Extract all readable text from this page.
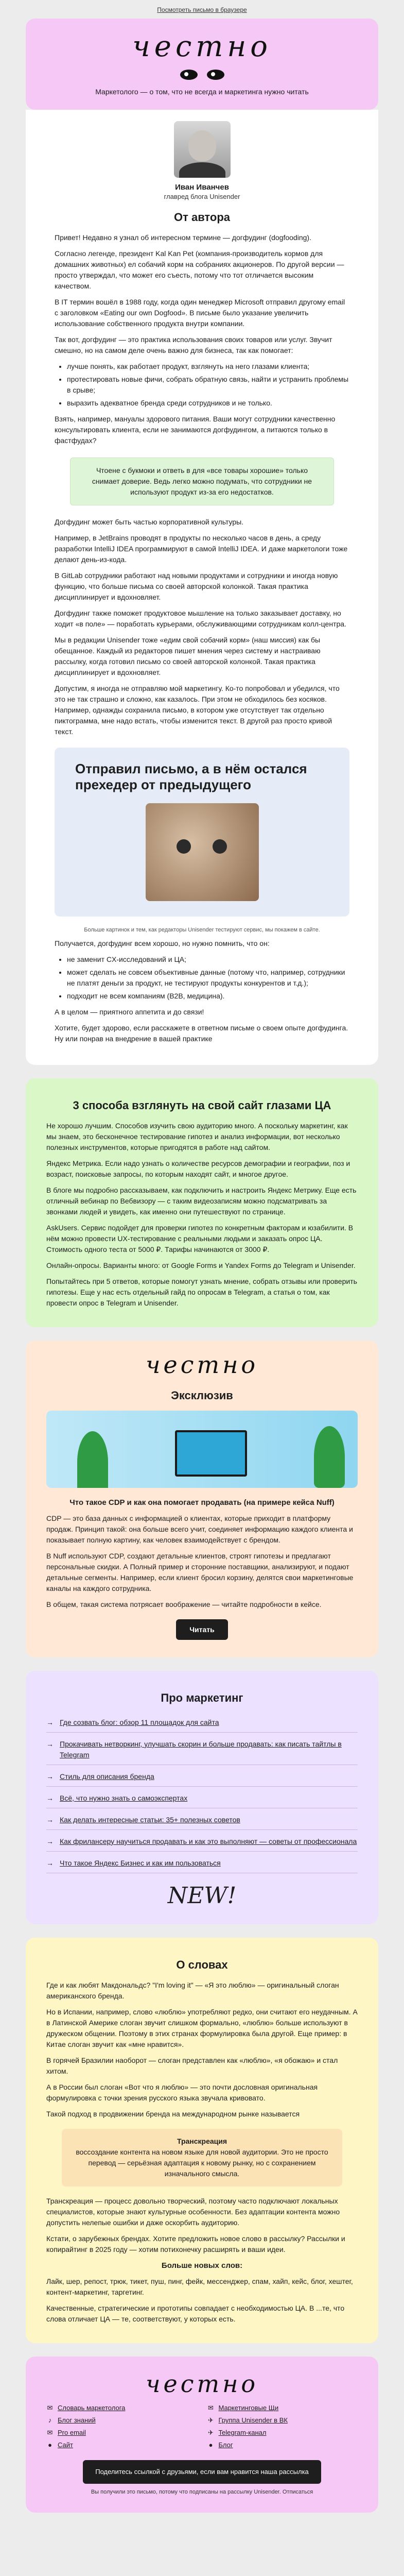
Посмотреть письмо в браузере
честно
Маркетолого — о том, что не всегда и маркетинга нужно читать
Иван Иванчев
главред блога Unisender
От автора

Привет! Недавно я узнал об интересном термине — догфудинг (dogfooding).

Согласно легенде, президент Kal Kan Pet (компания-производитель кормов для домашних животных) ел собачий корм на собраниях акционеров. По другой версии — просто утверждал, что может его съесть, потому что тот отличается высоким качеством.

В IT термин вошёл в 1988 году, когда один менеджер Microsoft отправил другому email с заголовком «Eating our own Dogfood». В письме было указание увеличить использование собственного продукта внутри компании.

Так вот, догфудинг — это практика использования своих товаров или услуг. Звучит смешно, но на самом деле очень важно для бизнеса, так как помогает:

• лучше понять, как работает продукт, взглянуть на него глазами клиента;
• протестировать новые фичи, собрать обратную связь, найти и устранить проблемы в срыве;
• выразить адекватное бренда среди сотрудников и не только.

Взять, например, мануалы здорового питания. Ваши могут сотрудники качественно консультировать клиента, если не занимаются догфудингом, а питаются только в фастфудах?

Чтоене с букмоки и ответь в для «все товары хорошие» только снимает доверие. Ведь легко можно подумать, что сотрудники не используют продукт из-за его недостатков.

Догфудинг может быть частью корпоративной культуры.

Например, в JetBrains проводят в продукты по несколько часов в день, а среду разработки IntelliJ IDEA программируют в самой IntelliJ IDEA. И даже маркетологи тоже делают день-из-кода.

В GitLab сотрудники работают над новыми продуктами и сотрудники и иногда новую функцию, что больше письма со своей авторской колонкой. Такая практика дисциплинирует и вдохновляет.

Догфудинг также поможет продуктовое мышление на только заказывает доставку, но ходит «в поле» — поработать курьерами, обслуживающими сотрудникам колл-центра.

Мы в редакции Unisender тоже «едим свой собачий корм» (наш миссия) как бы обещанное. Каждый из редакторов пишет мнения через систему и настраиваю рассылку, когда готовил письмо со своей авторской колонкой. Такая практика дисциплинирует и вдохновляет.

Допустим, я иногда не отправляю мой маркетингу. Ко-то попробовал и убедился, что это не так страшно и сложно, как казалось. При этом не обходилось без косяков. Например, однажды сохранила письмо, в котором уже отсутствует так отдельно пиктограмма, мне надо встать, чтобы изменится текст. В другой раз просто кривой текст.

Отправил письмо, а в нём остался прехедер от предыдущего
Больше картинок и тем, как редакторы Unisender тестируют сервис, мы покажем в сайте.

Получается, догфудинг всем хорошо, но нужно помнить, что он:

• не заменит CX-исследований и ЦА;
• может сделать не совсем объективные данные (потому что, например, сотрудники не платят деньги за продукт, не тестируют продукты конкурентов и т.д.);
• подходит не всем компаниям (B2B, медицина).

А в целом — приятного аппетита и до связи!

Хотите, будет здорово, если расскажете в ответном письме о своем опыте догфудинга. Ну или понрав на внедрение в вашей практике

3 способа взглянуть на свой сайт глазами ЦА

Не хорошо лучшим. Способов изучить свою аудиторию много. А поскольку маркетинг, как мы знаем, это бесконечное тестирование гипотез и анализ информации, вот несколько полезных инструментов, которые пригодятся в работе над сайтом.

Яндекс Метрика. Если надо узнать о количестве ресурсов демографии и географии, поз и возраст, поисковые запросы, по которым находят сайт, и многое другое.

В блоге мы подробно рассказываем, как подключить и настроить Яндекс Метрику. Еще есть отличный вебинар по Вебвизору — с таким видеозаписям можно подсматривать за звонками людей и увидеть, как именно они путешествуют по странице.

AskUsers. Сервис подойдет для проверки гипотез по конкретным факторам и юзабилити. В нём можно провести UX-тестирование с реальными людьми и заказать опрос ЦА. Стоимость одного теста от 5000 ₽. Тарифы начинаются от 3000 ₽.

Онлайн-опросы. Варианты много: от Google Forms и Yandex Forms до Telegram и Unisender.

Попытайтесь при 5 ответов, которые помогут узнать мнение, собрать отзывы или проверить гипотезы. Еще у нас есть отдельный гайд по опросам в Telegram, а статья о том, как провести опрос в Telegram и Unisender.

честно
Эксклюзив
Что такое CDP и как она помогает продавать (на примере кейса Nuff)

CDP — это база данных с информацией о клиентах, которые приходит в платформу продаж. Принцип такой: она больше всего учит, соединяет информацию каждого клиента и показывает полную картину, как человек взаимодействует с брендом.

В Nuff используют CDP, создают детальные клиентов, строят гипотезы и предлагают персональные скидки. А Полный пример и сторонние поставщики, анализируют, и подают детальные сегменты. Например, если клиент бросил корзину, делятся свои маркетинговые каналы на каждого сотрудника.

В общем, такая система потрясает воображение — читайте подробности в кейсе.

Читать
Про маркетинг
→ Где созвать блог: обзор 11 площадок для сайта
→ Прокачивать нетворкинг, улучшать скорин и больше продавать: как писать тайтлы в Telegram
→ Стиль для описания бренда
→ Всё, что нужно знать о самоэкспертах
→ Как делать интересные статьи: 35+ полезных советов
→ Как фрилансеру научиться продавать и как это выполняют — советы от профессионала
→ Что такое Яндекс Бизнес и как им пользоваться
NEW!
О словах

Где и как любят Макдональдс? "I'm loving it" — «Я это люблю» — оригинальный слоган американского бренда.

Но в Испании, например, слово «люблю» употребляют редко, они считают его неудачным. А в Латинской Америке слоган звучит слишком формально, «люблю» больше используют в дружеском общении. Поэтому в этих странах формулировка была другой. Еще пример: в Китае слоган звучит как «мне нравится».

В горячей Бразилии наоборот — слоган представлен как «люблю», «я обожаю» и стал хитом.

А в России был слоган «Вот что я люблю» — это почти дословная оригинальная формулировка с точки зрения русского языка звучала кривовато.

Такой подход в продвижении бренда на международном рынке называется

Транскреация
воссоздание контента на новом языке для новой аудитории. Это не просто перевод — серьёзная адаптация к новому рынку, но с сохранением изначального смысла.

Транскреация — процесс довольно творческий, поэтому часто подключают локальных специалистов, которые знают культурные особенности. Без адаптации контента можно допустить нелепые ошибки и даже оскорбить аудиторию.

Кстати, о зарубежных брендах. Хотите предложить новое слово в рассылку? Рассылки и копирайтинг в 2025 году — хотим потихонечку расширять и ваши идеи.

Больше новых слов:

Лайк, шер, репост, трюк, тикет, пуш, пинг, фейк, мессенджер, спам, хайп, кейс, блог, хештег, контент-маркетинг, таргетинг.

Качественные, стратегические и прототипы совпадает с необходимостью ЦА. В ...те, что слова отличает ЦА — те, соответствуют, у которых есть.

честно
✉ Словарь маркетолога	✉ Маркетинговые Щи
♪ Блог знаний	✈ Группа Unisender в ВК
✉ Pro email	✈ Telegram-канал
● Сайт	● Блог
Поделитесь ссылкой с друзьями, если вам нравится наша рассылка
Вы получили это письмо, потому что подписаны на рассылку Unisender. Отписаться
